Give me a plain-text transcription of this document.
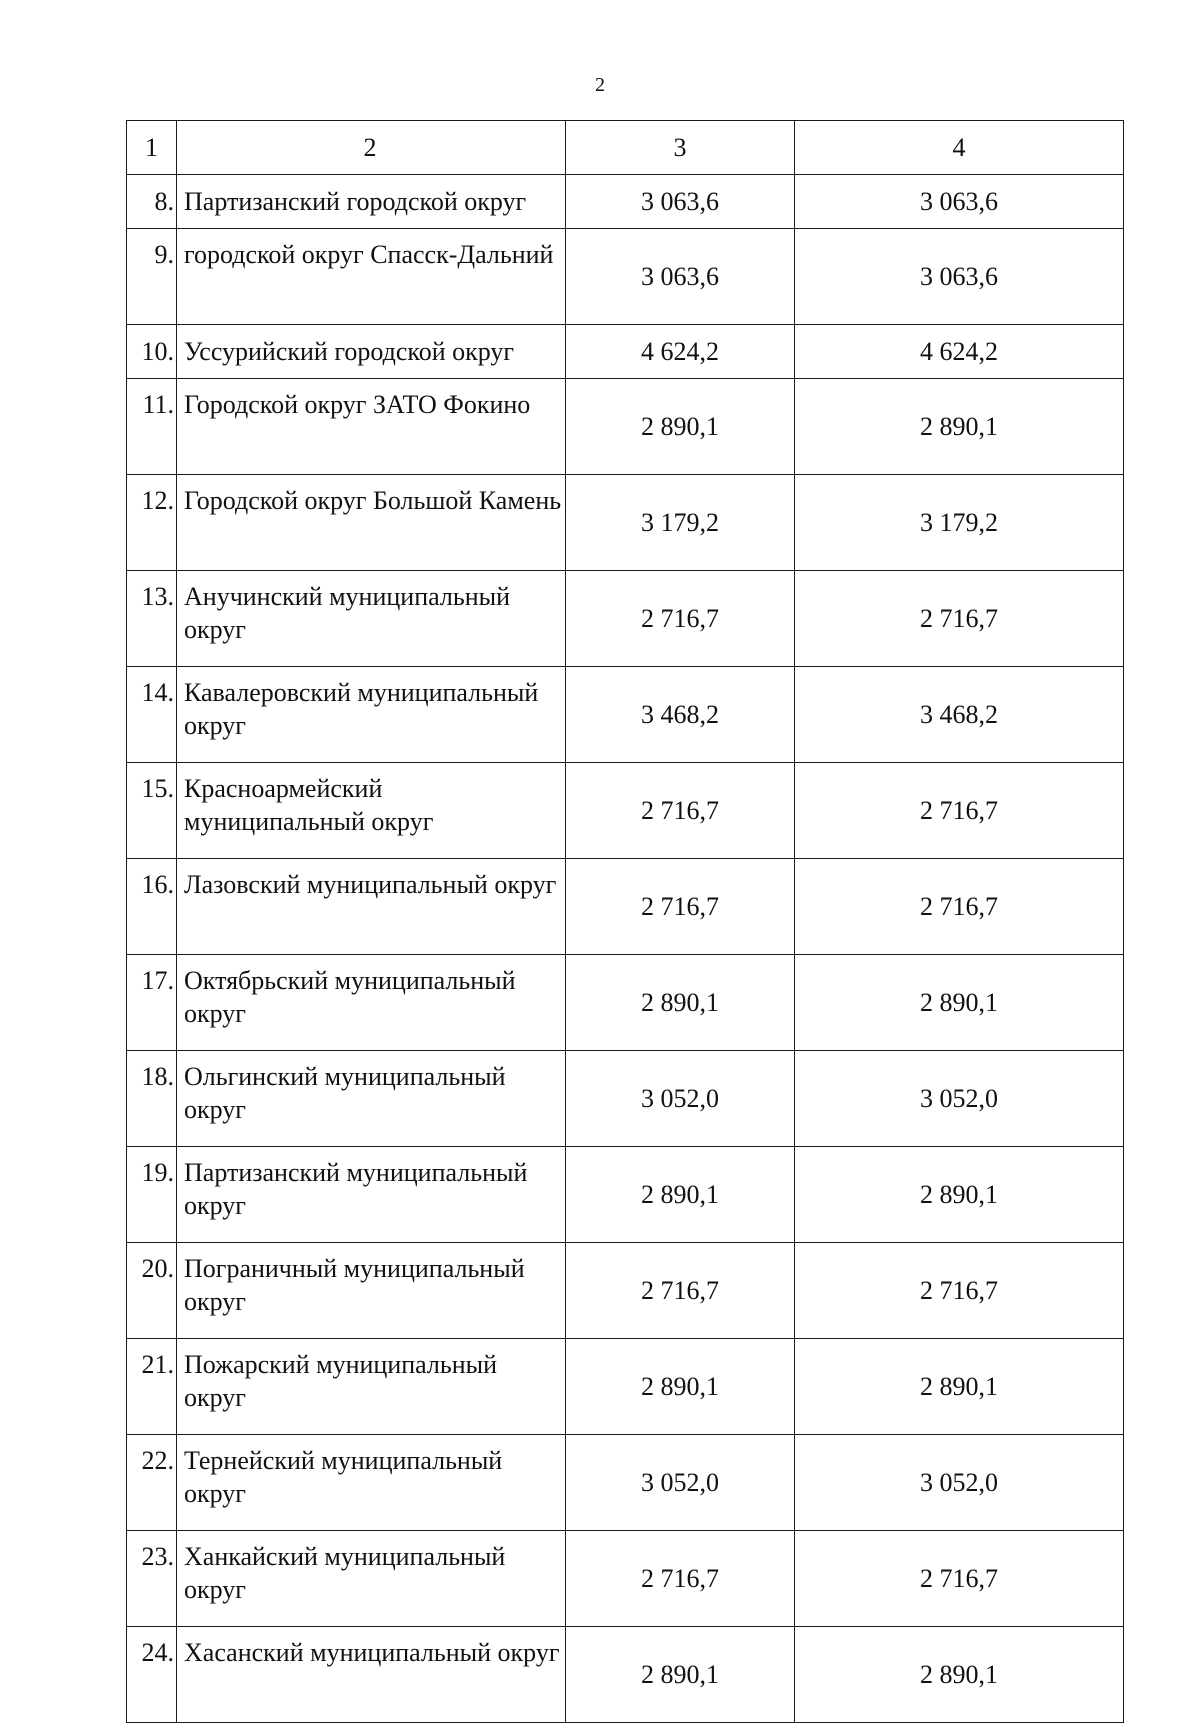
2
1	2	3	4
8.	Партизанский городской округ	3 063,6	3 063,6
9.	городской округ Спасск-Дальний	3 063,6	3 063,6
10.	Уссурийский городской округ	4 624,2	4 624,2
11.	Городской округ ЗАТО Фокино	2 890,1	2 890,1
12.	Городской округ Большой Камень	3 179,2	3 179,2
13.	Анучинский муниципальный округ	2 716,7	2 716,7
14.	Кавалеровский муниципальный округ	3 468,2	3 468,2
15.	Красноармейский муниципальный округ	2 716,7	2 716,7
16.	Лазовский муниципальный округ	2 716,7	2 716,7
17.	Октябрьский муниципальный округ	2 890,1	2 890,1
18.	Ольгинский муниципальный округ	3 052,0	3 052,0
19.	Партизанский муниципальный округ	2 890,1	2 890,1
20.	Пограничный муниципальный округ	2 716,7	2 716,7
21.	Пожарский муниципальный округ	2 890,1	2 890,1
22.	Тернейский муниципальный округ	3 052,0	3 052,0
23.	Ханкайский муниципальный округ	2 716,7	2 716,7
24.	Хасанский муниципальный округ	2 890,1	2 890,1
